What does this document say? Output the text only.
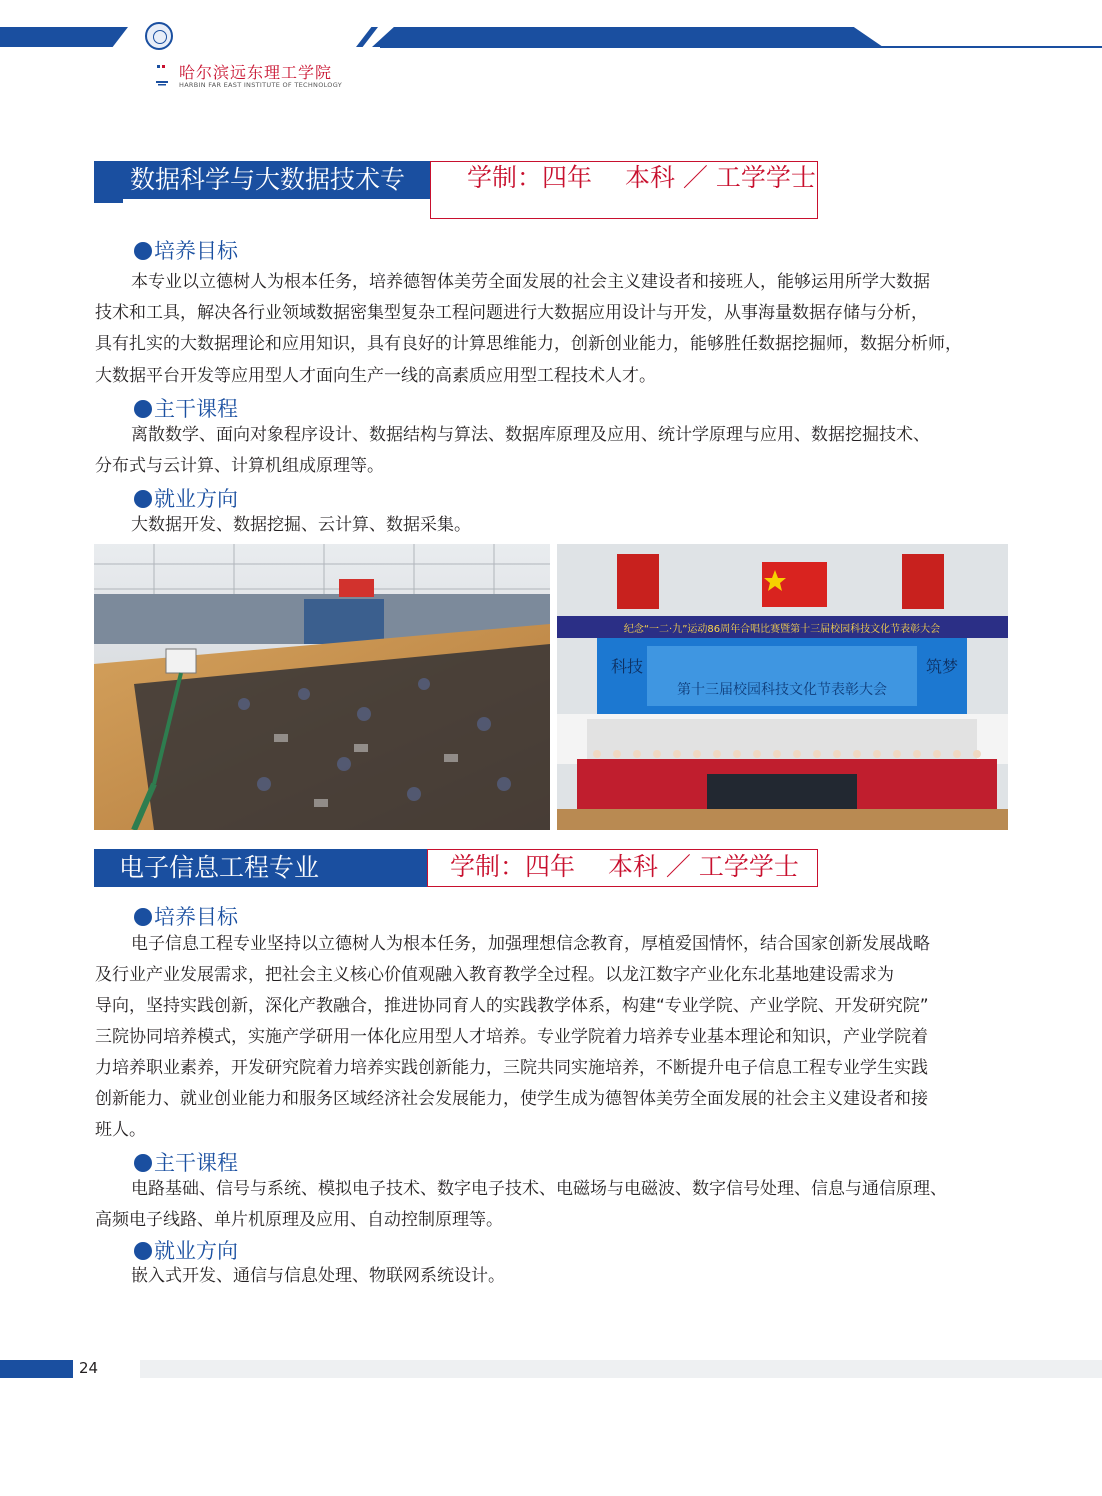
哈尔滨远东理工学院
HARBIN FAR EAST INSTITUTE OF TECHNOLOGY
数据科学与大数据技术专	学制：四年　 本科 ／ 工学学士
培养目标
本专业以立德树人为根本任务，培养德智体美劳全面发展的社会主义建设者和接班人，能够运用所学大数据
技术和工具，解决各行业领域数据密集型复杂工程问题进行大数据应用设计与开发，从事海量数据存储与分析，
具有扎实的大数据理论和应用知识，具有良好的计算思维能力，创新创业能力，能够胜任数据挖掘师，数据分析师，
大数据平台开发等应用型人才面向生产一线的高素质应用型工程技术人才。
主干课程
离散数学、面向对象程序设计、数据结构与算法、数据库原理及应用、统计学原理与应用、数据挖掘技术、
分布式与云计算、计算机组成原理等。
就业方向
大数据开发、数据挖掘、云计算、数据采集。
纪念“一二·九”运动86周年合唱比赛暨第十三届校园科技文化节表彰大会
第十三届校园科技文化节表彰大会
科技	筑梦
电子信息工程专业	学制：四年　 本科 ／ 工学学士
培养目标
电子信息工程专业坚持以立德树人为根本任务，加强理想信念教育，厚植爱国情怀，结合国家创新发展战略
及行业产业发展需求，把社会主义核心价值观融入教育教学全过程。以龙江数字产业化东北基地建设需求为
导向，坚持实践创新，深化产教融合，推进协同育人的实践教学体系，构建“专业学院、产业学院、开发研究院”
三院协同培养模式，实施产学研用一体化应用型人才培养。专业学院着力培养专业基本理论和知识，产业学院着
力培养职业素养，开发研究院着力培养实践创新能力，三院共同实施培养，不断提升电子信息工程专业学生实践
创新能力、就业创业能力和服务区域经济社会发展能力，使学生成为德智体美劳全面发展的社会主义建设者和接
班人。
主干课程
电路基础、信号与系统、模拟电子技术、数字电子技术、电磁场与电磁波、数字信号处理、信息与通信原理、
高频电子线路、单片机原理及应用、自动控制原理等。
就业方向
嵌入式开发、通信与信息处理、物联网系统设计。
24
